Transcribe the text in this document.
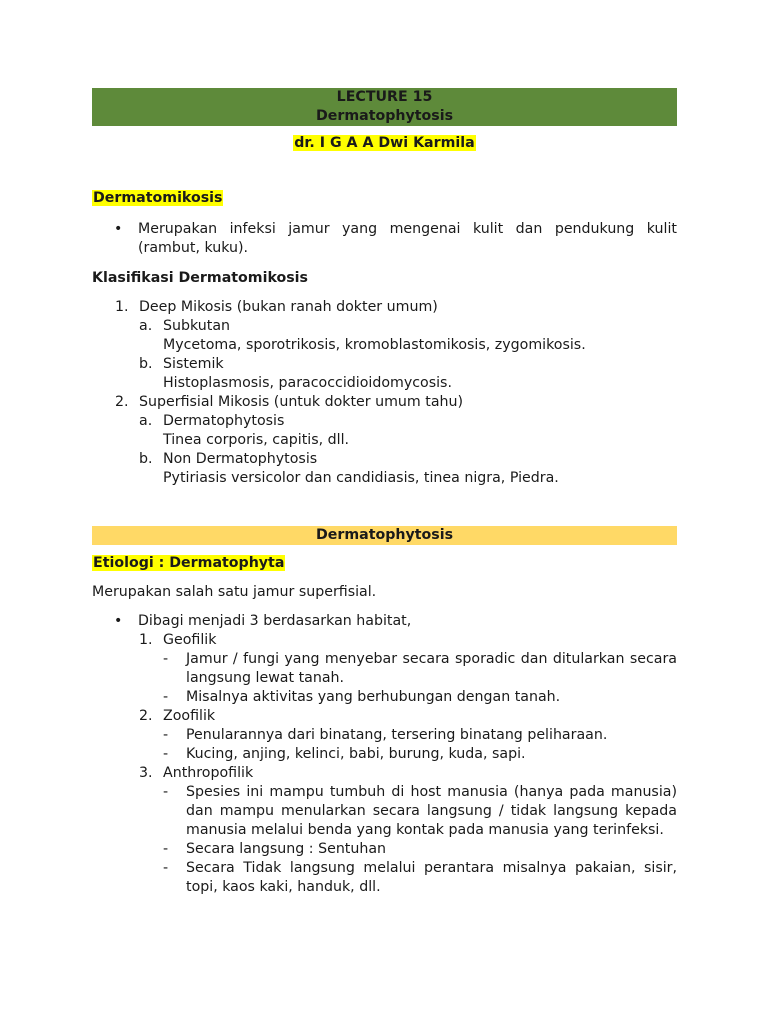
LECTURE 15
Dermatophytosis
dr. I G A A Dwi Karmila
Dermatomikosis
•	Merupakan infeksi jamur yang mengenai kulit dan pendukung kulit (rambut, kuku).
Klasifikasi Dermatomikosis
1. Deep Mikosis (bukan ranah dokter umum)
a. Subkutan
Mycetoma, sporotrikosis, kromoblastomikosis, zygomikosis.
b. Sistemik
Histoplasmosis, paracoccidioidomycosis.
2. Superfisial Mikosis (untuk dokter umum tahu)
a. Dermatophytosis
Tinea corporis, capitis, dll.
b. Non Dermatophytosis
Pytiriasis versicolor dan candidiasis, tinea nigra, Piedra.
Dermatophytosis
Etiologi : Dermatophyta
Merupakan salah satu jamur superfisial.
•	Dibagi menjadi 3 berdasarkan habitat,
1. Geofilik
-	Jamur / fungi yang menyebar secara sporadic dan ditularkan secara langsung lewat tanah.
-	Misalnya aktivitas yang berhubungan dengan tanah.
2. Zoofilik
-	Penularannya dari binatang, tersering binatang peliharaan.
-	Kucing, anjing, kelinci, babi, burung, kuda, sapi.
3. Anthropofilik
-	Spesies ini mampu tumbuh di host manusia (hanya pada manusia) dan mampu menularkan secara langsung / tidak langsung kepada manusia melalui benda yang kontak pada manusia yang terinfeksi.
-	Secara langsung : Sentuhan
-	Secara Tidak langsung melalui perantara misalnya pakaian, sisir, topi, kaos kaki, handuk, dll.
